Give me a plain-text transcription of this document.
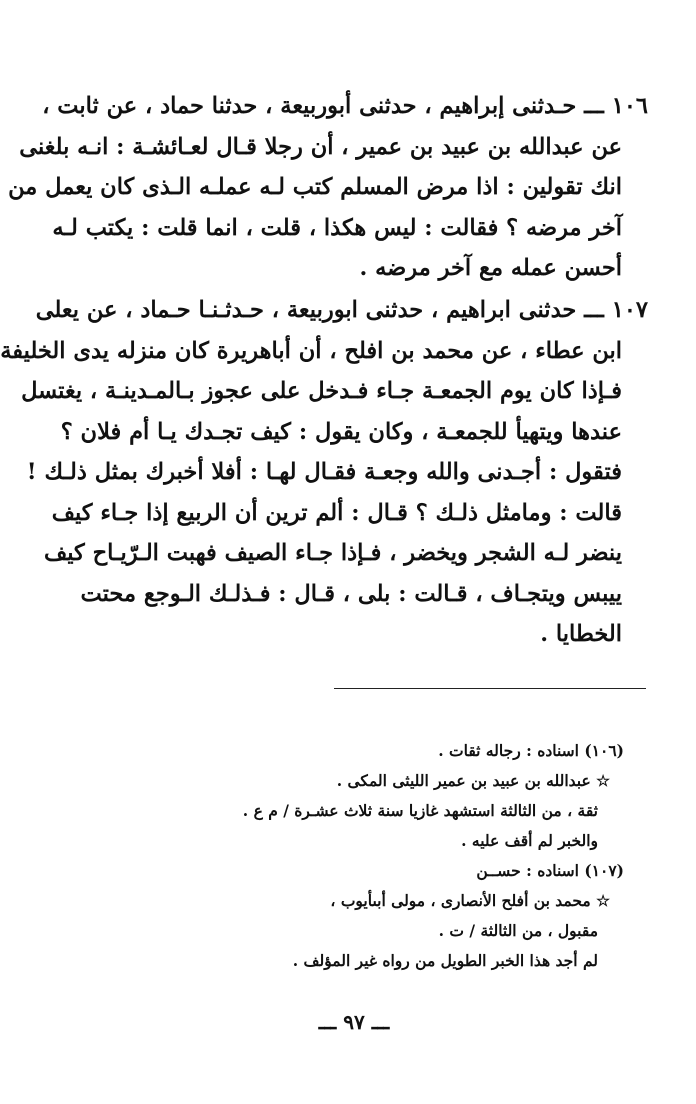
١٠٦ ـــ حـدثنى إبراهيم ، حدثنى أبوربيعة ، حدثنا حماد ، عن ثابت ،
عن عبدالله بن عبيد بن عمير ، أن رجلا قـال لعـائشـة : انـه بلغنى
انك تقولين : اذا مرض المسلم كتب لـه عملـه الـذى كان يعمل من
آخر مرضه ؟ فقالت : ليس هكذا ، قلت ، انما قلت : يكتب لـه
أحسن عمله مع آخر مرضه .
١٠٧ ـــ حدثنى ابراهيم ، حدثنى ابوربيعة ، حـدثـنـا حـماد ، عن يعلى
ابن عطاء ، عن محمد بن افلح ، أن أباهريرة كان منزله يدى الخليفة
فـإذا كان يوم الجمعـة جـاء فـدخل على عجوز بـالمـدينـة ، يغتسل
عندها ويتهيأ للجمعـة ، وكان يقول : كيف تجـدك يـا أم فلان ؟
فتقول : أجـدنى والله وجعـة فقـال لهـا : أفلا أخبرك بمثل ذلـك !
قالت : ومامثل ذلـك ؟ قـال : ألم ترين أن الربيع إذا جـاء كيف
ينضر لـه الشجر ويخضر ، فـإذا جـاء الصيف فهبت الـرّيـاح كيف
ييبس ويتجـاف ، قـالت : بلى ، قـال : فـذلـك الـوجع محتت
الخطايا .
(١٠٦) اسناده : رجاله ثقات .
☆ عبدالله بن عبيد بن عمير الليثى المكى .
ثقة ، من الثالثة استشهد غازيا سنة ثلاث عشـرة / م ع .
والخبر لم أقف عليه .
(١٠٧) اسناده : حســن
☆ محمد بن أفلح الأنصارى ، مولى أبىأيوب ،
مقبول ، من الثالثة / ت .
لم أجد هذا الخبر الطويل من رواه غير المؤلف .
ـــ ٩٧ ـــ
